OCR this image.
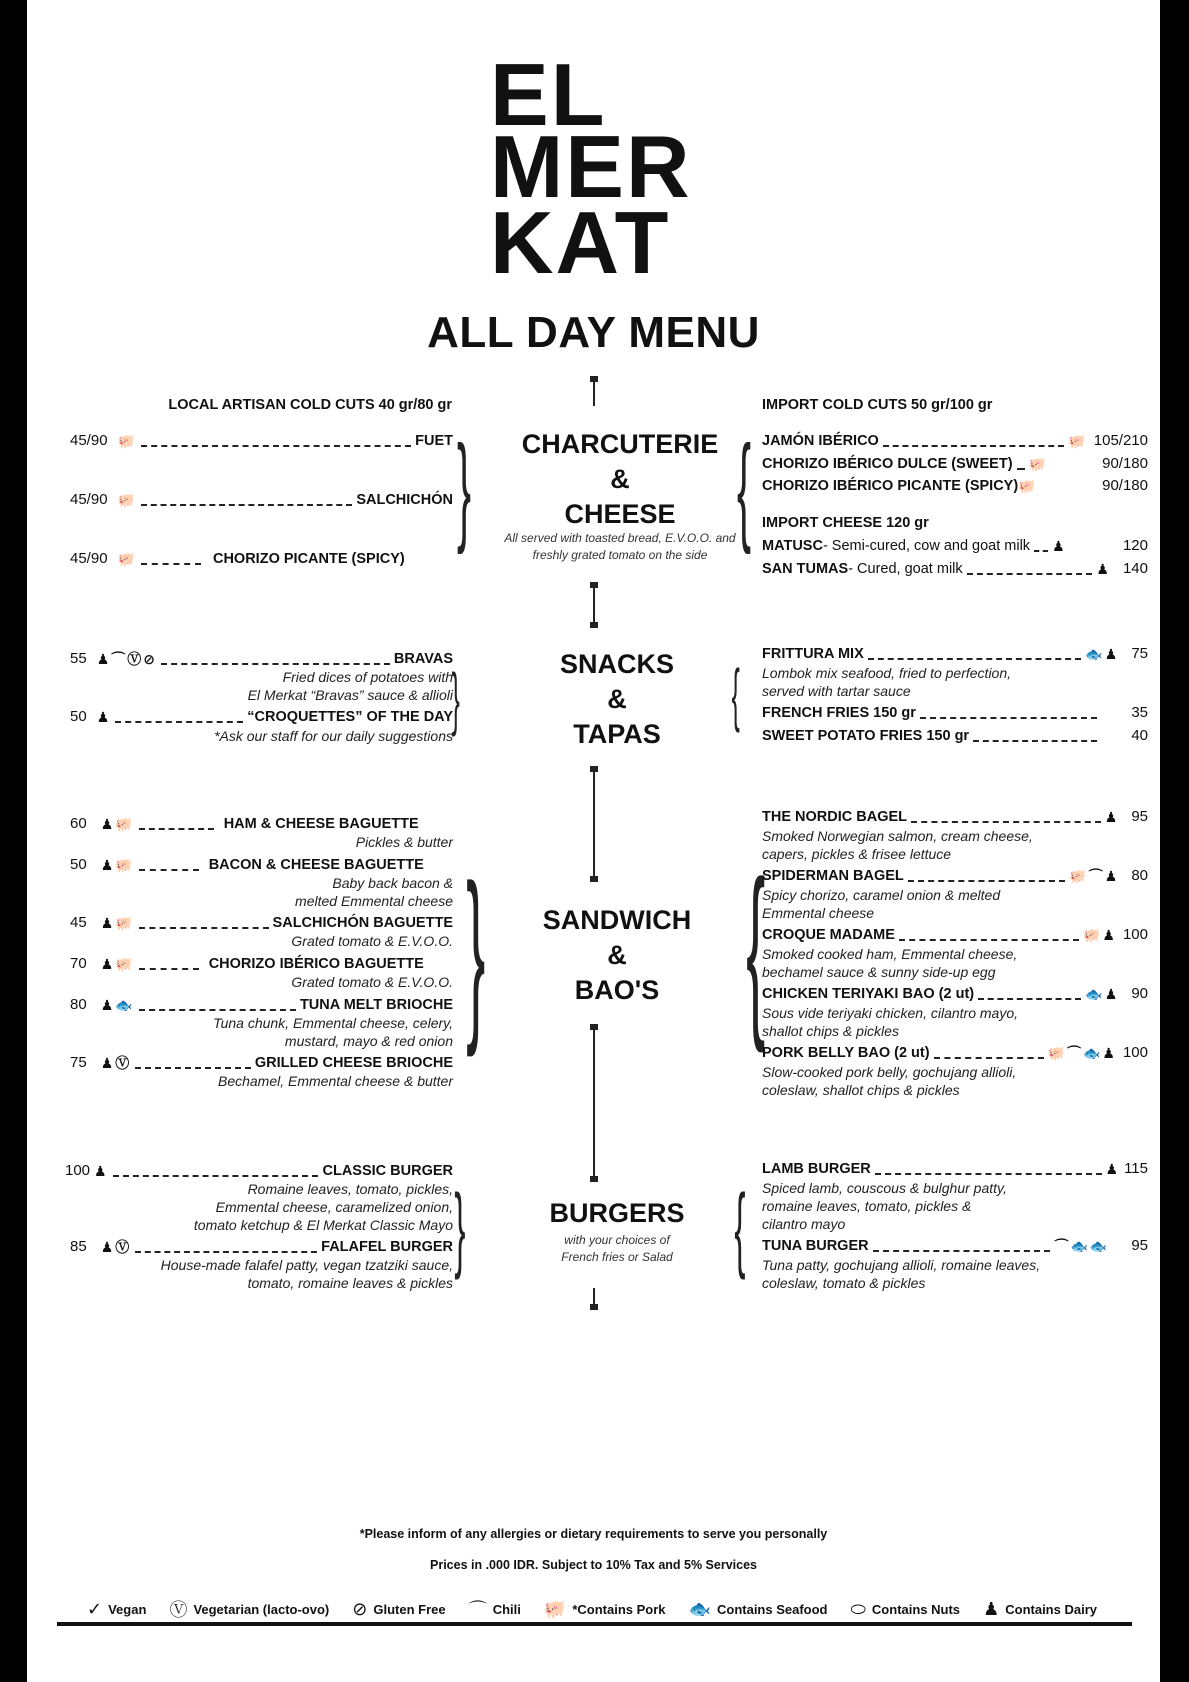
EL
MER
KAT
ALL DAY MENU
CHARCUTERIE
&
CHEESE
All served with toasted bread, E.V.O.O. and
freshly grated tomato on the side
SNACKS
&
TAPAS
SANDWICH
&
BAO'S
BURGERS
with your choices of
French fries or Salad
} {
}	{
} {
}	{
LOCAL ARTISAN COLD CUTS 40 gr/80 gr
45/90 🐖	FUET
45/90 🐖	SALCHICHÓN
45/90 🐖	CHORIZO PICANTE (SPICY)
55 ♟ ⌒ Ⓥ ⊘	BRAVAS
Fried dices of potatoes with
El Merkat “Bravas” sauce & allioli
50 ♟	“CROQUETTES” OF THE DAY
*Ask our staff for our daily suggestions
60 ♟ 🐖	HAM & CHEESE BAGUETTE
Pickles & butter
50 ♟ 🐖	BACON & CHEESE BAGUETTE
Baby back bacon &
melted Emmental cheese
45 ♟ 🐖	SALCHICHÓN BAGUETTE
Grated tomato & E.V.O.O.
70 ♟ 🐖	CHORIZO IBÉRICO BAGUETTE
Grated tomato & E.V.O.O.
80 ♟ 🐟	TUNA MELT BRIOCHE
Tuna chunk, Emmental cheese, celery,
mustard, mayo & red onion
75 ♟ Ⓥ	GRILLED CHEESE BRIOCHE
Bechamel, Emmental cheese & butter
100 ♟	CLASSIC BURGER
Romaine leaves, tomato, pickles,
Emmental cheese, caramelized onion,
tomato ketchup & El Merkat Classic Mayo
85 ♟ Ⓥ	FALAFEL BURGER
House-made falafel patty, vegan tzatziki sauce,
tomato, romaine leaves & pickles
IMPORT COLD CUTS 50 gr/100 gr
JAMÓN IBÉRICO	🐖 105/210
CHORIZO IBÉRICO DULCE (SWEET) 🐖	90/180
CHORIZO IBÉRICO PICANTE (SPICY) 🐖	90/180
IMPORT CHEESE 120 gr
MATUSC - Semi-cured, cow and goat milk ♟	120
SAN TUMAS - Cured, goat milk	♟ 140
FRITTURA MIX	🐟 ♟ 75
Lombok mix seafood, fried to perfection,
served with tartar sauce
FRENCH FRIES 150 gr	35
SWEET POTATO FRIES 150 gr	40
THE NORDIC BAGEL	♟ 95
Smoked Norwegian salmon, cream cheese,
capers, pickles & frisee lettuce
SPIDERMAN BAGEL	🐖 ⌒ ♟ 80
Spicy chorizo, caramel onion & melted
Emmental cheese
CROQUE MADAME	🐖 ♟ 100
Smoked cooked ham, Emmental cheese,
bechamel sauce & sunny side-up egg
CHICKEN TERIYAKI BAO (2 ut)	🐟 ♟ 90
Sous vide teriyaki chicken, cilantro mayo,
shallot chips & pickles
PORK BELLY BAO (2 ut)	🐖 ⌒ 🐟 ♟ 100
Slow-cooked pork belly, gochujang allioli,
coleslaw, shallot chips & pickles
LAMB BURGER	♟ 115
Spiced lamb, couscous & bulghur patty,
romaine leaves, tomato, pickles &
cilantro mayo
TUNA BURGER	⌒ 🐟 🐟 95
Tuna patty, gochujang allioli, romaine leaves,
coleslaw, tomato & pickles
*Please inform of any allergies or dietary requirements to serve you personally
Prices in .000 IDR. Subject to 10% Tax and 5% Services
✓ Vegan Ⓥ Vegetarian (lacto-ovo) ⊘ Gluten Free ⌒ Chili 🐖 *Contains Pork 🐟 Contains Seafood ⬭ Contains Nuts ♟ Contains Dairy
